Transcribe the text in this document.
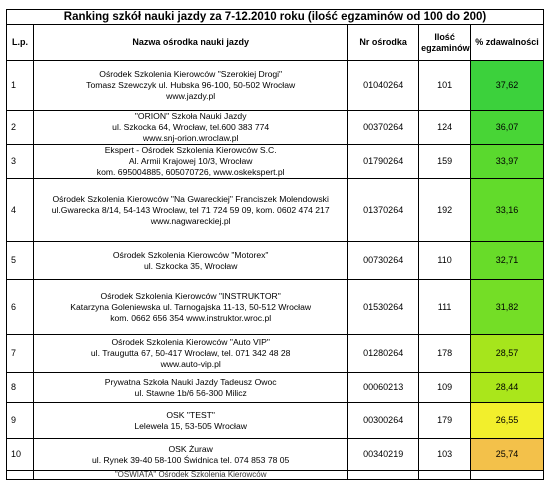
Ranking szkół nauki jazdy za 7-12.2010 roku (ilość egzaminów od 100 do 200)				
L.p.	Nazwa ośrodka nauki jazdy	Nr ośrodka	Ilość egzaminów	% zdawalności
1	Ośrodek Szkolenia Kierowców "Szerokiej Drogi"
Tomasz Szewczyk ul. Hubska 96-100, 50-502 Wrocław
www.jazdy.pl	01040264	101	37,62
2	"ORION" Szkoła Nauki Jazdy
ul. Szkocka 64, Wrocław, tel.600 383 774
www.snj-orion.wroclaw.pl	00370264	124	36,07
3	Ekspert - Ośrodek Szkolenia Kierowców S.C.
Al. Armii Krajowej 10/3, Wrocław
kom. 695004885, 605070726, www.oskekspert.pl	01790264	159	33,97
4	Ośrodek Szkolenia Kierowców "Na Gwareckiej" Franciszek Molendowski
ul.Gwarecka 8/14, 54-143 Wrocław, tel 71 724 59 09, kom. 0602 474 217
www.nagwareckiej.pl	01370264	192	33,16
5	Ośrodek Szkolenia Kierowców "Motorex"
ul. Szkocka 35, Wrocław	00730264	110	32,71
6	Ośrodek Szkolenia Kierowców "INSTRUKTOR"
Katarzyna Goleniewska ul. Tarnogajska 11-13, 50-512 Wrocław
kom. 0662 656 354 www.instruktor.wroc.pl	01530264	111	31,82
7	Ośrodek Szkolenia Kierowców "Auto VIP"
ul. Traugutta 67, 50-417 Wrocław, tel. 071 342 48 28
www.auto-vip.pl	01280264	178	28,57
8	Prywatna Szkoła Nauki Jazdy Tadeusz Owoc
ul. Stawne 1b/6 56-300 Milicz	00060213	109	28,44
9	OSK "TEST"
Lelewela 15, 53-505 Wrocław	00300264	179	26,55
10	OSK Żuraw
ul. Rynek 39-40 58-100 Świdnica tel. 074 853 78 05	00340219	103	25,74
	"OSWIATA" Ośrodek Szkolenia Kierowców			
